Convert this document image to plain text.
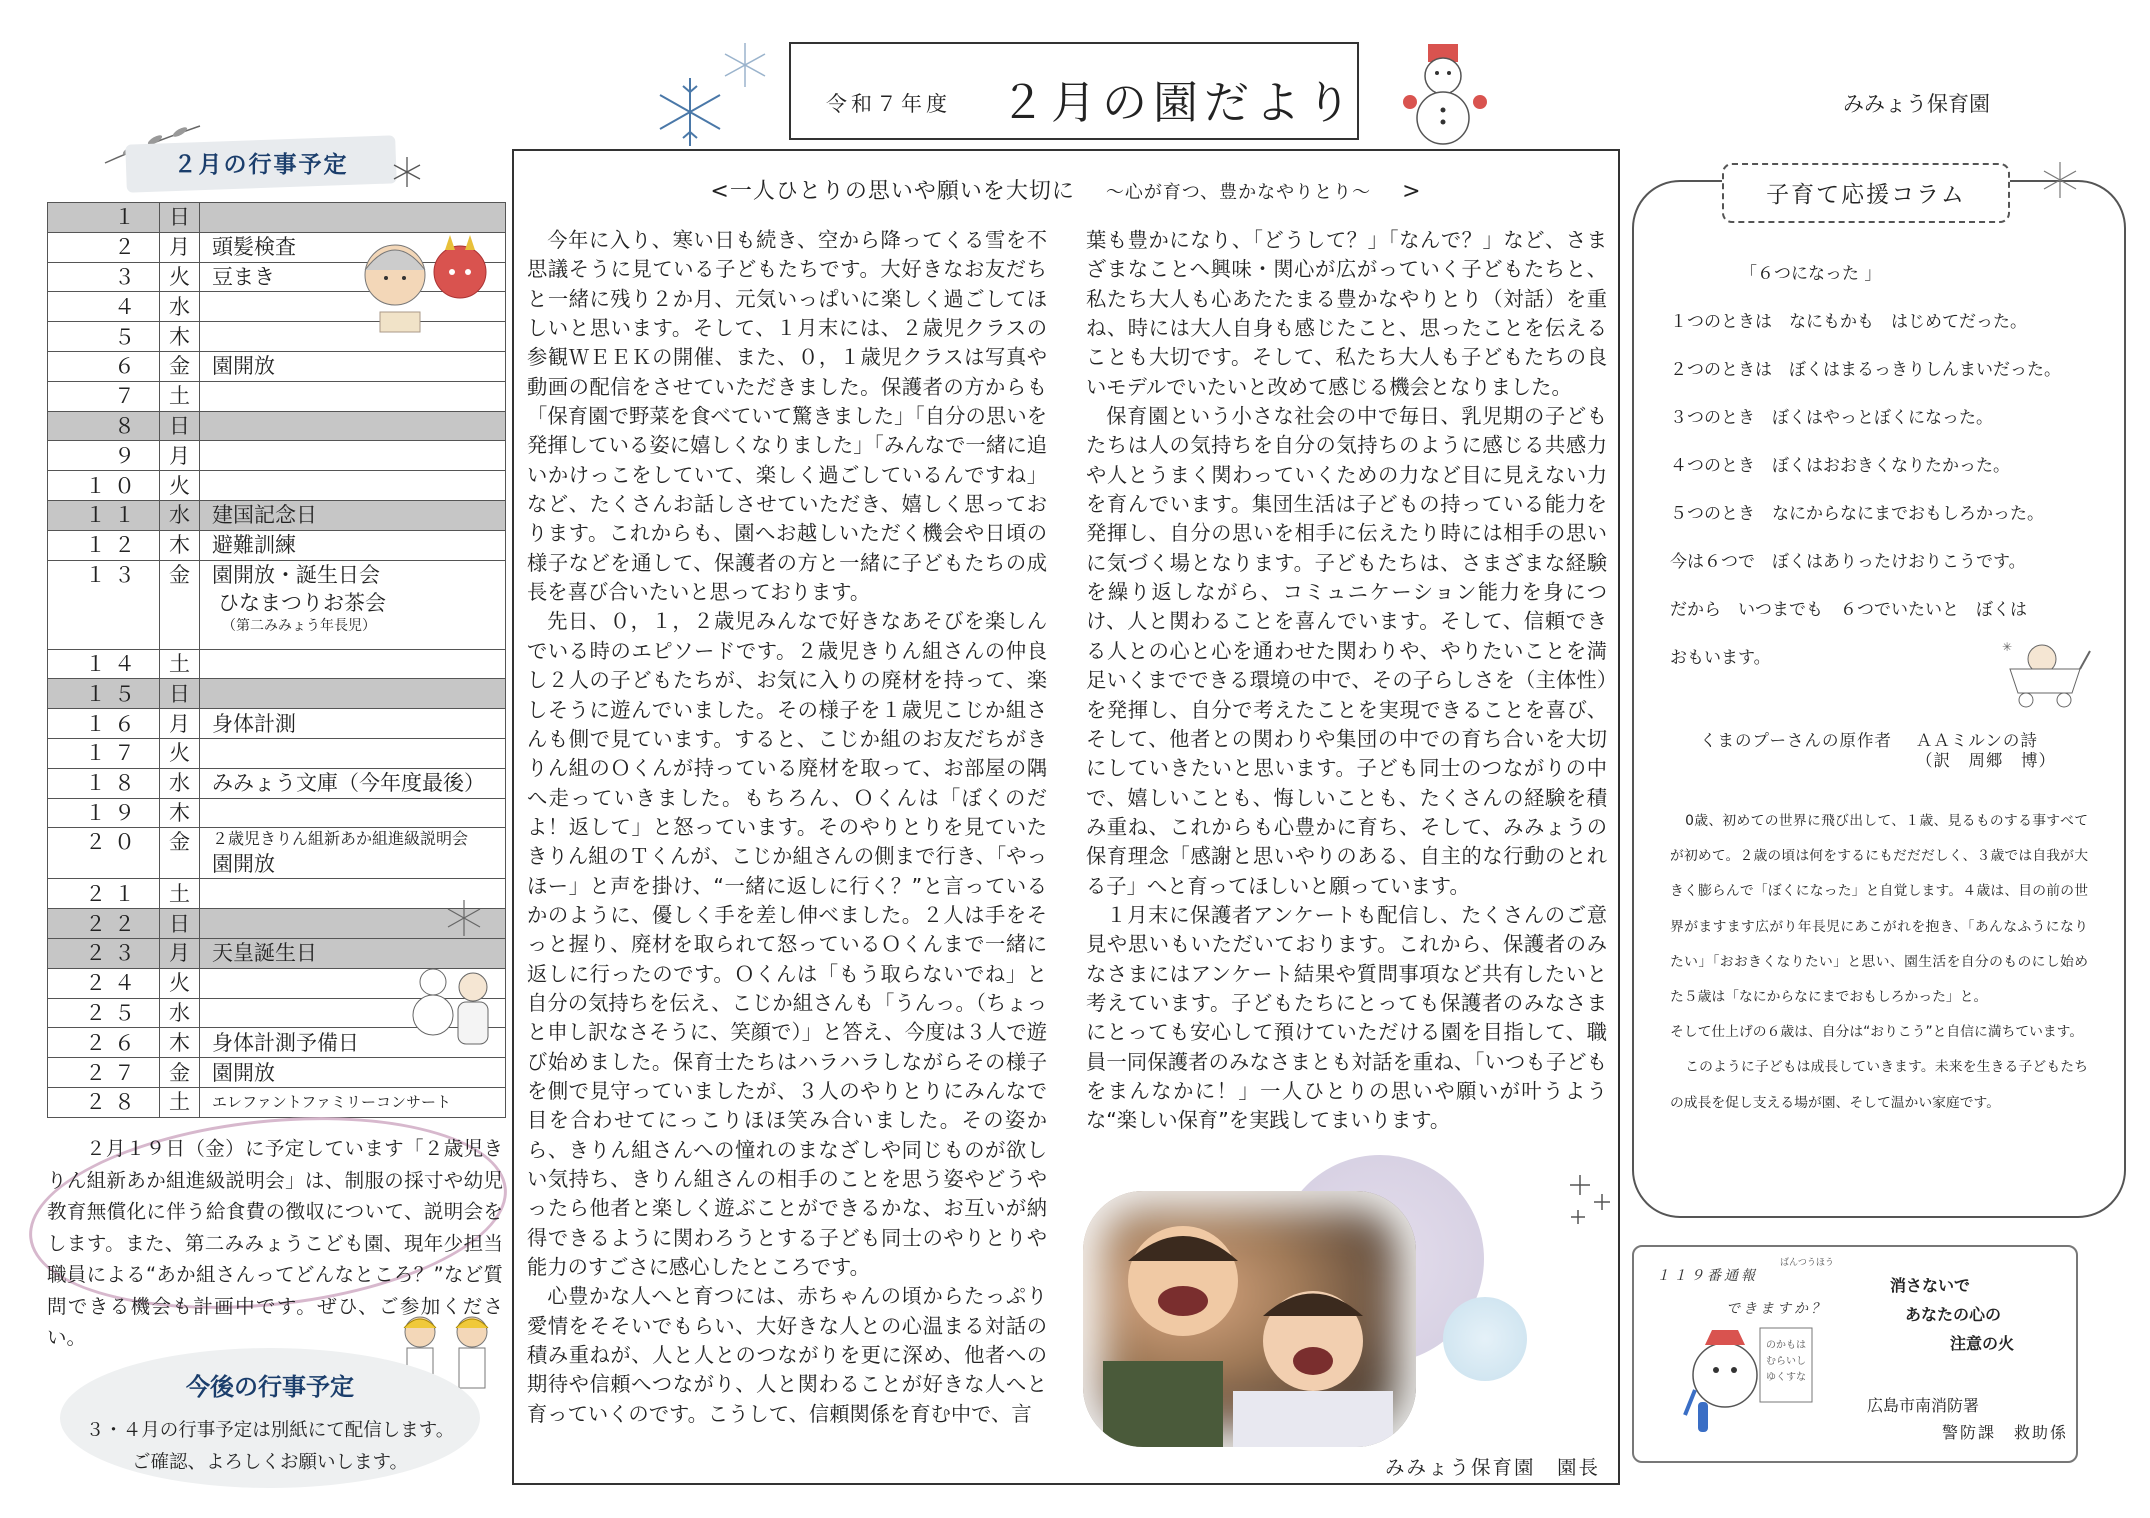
令和７年度 ２月の園だより	みみょう保育園
２月の行事予定
１	日	
２	月	頭髪検査
３	火	豆まき
４	水	
５	木	
６	金	園開放
７	土	
８	日	
９	月	
１０	火	
１１	水	建国記念日
１２	木	避難訓練
１３	金	園開放・誕生日会
ひなまつりお茶会
（第二みみょう年長児）

１４	土	
１５	日	
１６	月	身体計測
１７	火	
１８	水	みみょう文庫（今年度最後）
１９	木	
２０	金	２歳児きりん組新あか組進級説明会
園開放

２１	土	
２２	日	
２３	月	天皇誕生日
２４	火	
２５	水	
２６	木	身体計測予備日
２７	金	園開放
２８	土	エレファントファミリーコンサート
２月１９日（金）に予定しています「２歳児きりん組新あか組進級説明会」は、制服の採寸や幼児教育無償化に伴う給食費の徴収について、説明会をします。また、第二みみょうこども園、現年少担当職員による“あか組さんってどんなところ？”など質問できる機会も計画中です。ぜひ、ご参加ください。
今後の行事予定
３・４月の行事予定は別紙にて配信します。
ご確認、よろしくお願いします。
<一人ひとりの思いや願いを大切に　 ～心が育つ、豊かなやりとり～　 >

今年に入り、寒い日も続き、空から降ってくる雪を不思議そうに見ている子どもたちです。大好きなお友だちと一緒に残り２か月、元気いっぱいに楽しく過ごしてほしいと思います。そして、１月末には、２歳児クラスの参観ＷＥＥＫの開催、また、０，１歳児クラスは写真や動画の配信をさせていただきました。保護者の方からも「保育園で野菜を食べていて驚きました」「自分の思いを発揮している姿に嬉しくなりました」「みんなで一緒に追いかけっこをしていて、楽しく過ごしているんですね」など、たくさんお話しさせていただき、嬉しく思っております。これからも、園へお越しいただく機会や日頃の様子などを通して、保護者の方と一緒に子どもたちの成長を喜び合いたいと思っております。

先日、０，１，２歳児みんなで好きなあそびを楽しんでいる時のエピソードです。２歳児きりん組さんの仲良し２人の子どもたちが、お気に入りの廃材を持って、楽しそうに遊んでいました。その様子を１歳児こじか組さんも側で見ています。すると、こじか組のお友だちがきりん組のＯくんが持っている廃材を取って、お部屋の隅へ走っていきました。もちろん、Ｏくんは「ぼくのだよ！返して」と怒っています。そのやりとりを見ていたきりん組のＴくんが、こじか組さんの側まで行き、「やっほー」と声を掛け、“一緒に返しに行く？”と言っているかのように、優しく手を差し伸べました。２人は手をそっと握り、廃材を取られて怒っているＯくんまで一緒に返しに行ったのです。Ｏくんは「もう取らないでね」と自分の気持ちを伝え、こじか組さんも「うんっ。（ちょっと申し訳なさそうに、笑顔で）」と答え、今度は３人で遊び始めました。保育士たちはハラハラしながらその様子を側で見守っていましたが、３人のやりとりにみんなで目を合わせてにっこりほほ笑み合いました。その姿から、きりん組さんへの憧れのまなざしや同じものが欲しい気持ち、きりん組さんの相手のことを思う姿やどうやったら他者と楽しく遊ぶことができるかな、お互いが納得できるように関わろうとする子ども同士のやりとりや能力のすごさに感心したところです。

心豊かな人へと育つには、赤ちゃんの頃からたっぷり愛情をそそいでもらい、大好きな人との心温まる対話の積み重ねが、人と人とのつながりを更に深め、他者への期待や信頼へつながり、人と関わることが好きな人へと育っていくのです。こうして、信頼関係を育む中で、言

葉も豊かになり、「どうして？」「なんで？」など、さまざまなことへ興味・関心が広がっていく子どもたちと、私たち大人も心あたたまる豊かなやりとり（対話）を重ね、時には大人自身も感じたこと、思ったことを伝えることも大切です。そして、私たち大人も子どもたちの良いモデルでいたいと改めて感じる機会となりました。

保育園という小さな社会の中で毎日、乳児期の子どもたちは人の気持ちを自分の気持ちのように感じる共感力や人とうまく関わっていくための力など目に見えない力を育んでいます。集団生活は子どもの持っている能力を発揮し、自分の思いを相手に伝えたり時には相手の思いに気づく場となります。子どもたちは、さまざまな経験を繰り返しながら、コミュニケーション能力を身につけ、人と関わることを喜んでいます。そして、信頼できる人との心と心を通わせた関わりや、やりたいことを満足いくまでできる環境の中で、その子らしさを（主体性）を発揮し、自分で考えたことを実現できることを喜び、そして、他者との関わりや集団の中での育ち合いを大切にしていきたいと思います。子ども同士のつながりの中で、嬉しいことも、悔しいことも、たくさんの経験を積み重ね、これからも心豊かに育ち、そして、みみょうの保育理念「感謝と思いやりのある、自主的な行動のとれる子」へと育ってほしいと願っています。

１月末に保護者アンケートも配信し、たくさんのご意見や思いもいただいております。これから、保護者のみなさまにはアンケート結果や質問事項など共有したいと考えています。子どもたちにとっても保護者のみなさまにとっても安心して預けていただける園を目指して、職員一同保護者のみなさまとも対話を重ね、「いつも子どもをまんなかに！」一人ひとりの思いや願いが叶うような“楽しい保育”を実践してまいります。

みみょう保育園　園長
子育て応援コラム
「６つになった 」
１つのときは　なにもかも　はじめてだった。
２つのときは　ぼくはまるっきりしんまいだった。
３つのとき　ぼくはやっとぼくになった。
４つのとき　ぼくはおおきくなりたかった。
５つのとき　なにからなにまでおもしろかった。
今は６つで　ぼくはありったけおりこうです。
だから　いつまでも　６つでいたいと　ぼくは
おもいます。
✳
くまのプーさんの原作者　 ＡＡミルンの詩
（訳　周郷　博）

0歳、初めての世界に飛び出して、１歳、見るものする事すべてが初めて。２歳の頃は何をするにもだだだしく、３歳では自我が大きく膨らんで「ぼくになった」と自覚します。４歳は、目の前の世界がますます広がり年長児にあこがれを抱き、「あんなふうになりたい」「おおきくなりたい」と思い、園生活を自分のものにし始めた５歳は「なにからなにまでおもしろかった」と。

そして仕上げの６歳は、自分は“おりこう”と自信に満ちています。

このように子どもは成長していきます。未来を生きる子どもたちの成長を促し支える場が園、そして温かい家庭です。

ばんつうほう
１１９番通報
できますか？
のかもは
むらいし
ゆくすな
消さないで
あなたの心の
注意の火
広島市南消防署
警防課　救助係
